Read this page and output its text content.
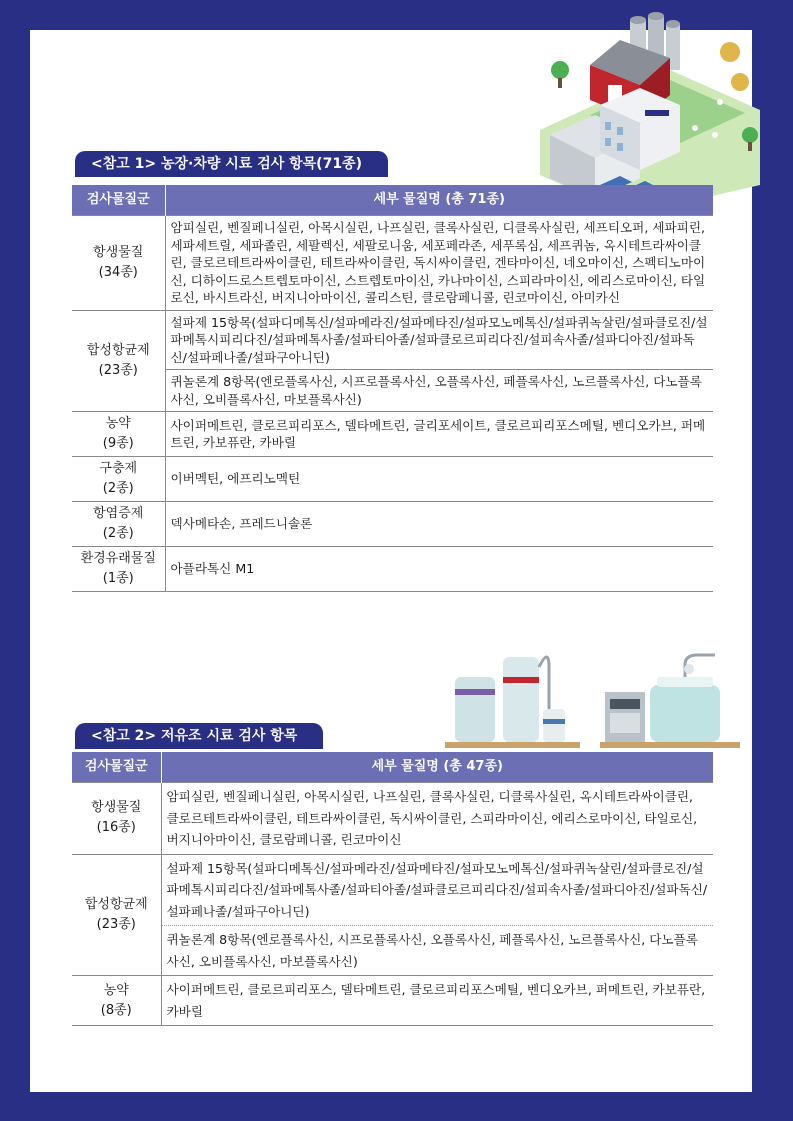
<참고 1> 농장·차량 시료 검사 항목(71종)
검사물질군	세부 물질명 (총 71종)
항생물질
(34종)	암피실린, 벤질페니실린, 아목시실린, 나프실린, 클록사실린, 디클록사실린, 세프티오퍼, 세파피린, 세파세트릴, 세파졸린, 세팔렉신, 세팔로니움, 세포페라존, 세푸록심, 세프퀴놈, 옥시테트라싸이클린, 클로르테트라싸이클린, 테트라싸이클린, 독시싸이클린, 겐타마이신, 네오마이신, 스펙티노마이신, 디하이드로스트렙토마이신, 스트렙토마이신, 카나마이신, 스피라마이신, 에리스로마이신, 타일로신, 바시트라신, 버지니아마이신, 콜리스틴, 클로람페니콜, 린코마이신, 아미카신
합성항균제
(23종)	설파제 15항목(설파디메톡신/설파메라진/설파메타진/설파모노메톡신/설파퀴녹살린/설파클로진/설파메톡시피리다진/설파메톡사졸/설파티아졸/설파클로르피리다진/설피속사졸/설파디아진/설파독신/설파페나졸/설파구아니딘)
	퀴놀론계 8항목(엔로플록사신, 시프로플록사신, 오플록사신, 페플록사신, 노르플록사신, 다노플록사신, 오비플록사신, 마보플록사신)
농약
(9종)	사이퍼메트린, 클로르피리포스, 델타메트린, 글리포세이트, 클로르피리포스메틸, 벤디오카브, 퍼메트린, 카보퓨란, 카바릴
구충제
(2종)	이버멕틴, 에프리노멕틴
항염증제
(2종)	덱사메타손, 프레드니솔론
환경유래물질
(1종)	아플라톡신 M1
<참고 2> 저유조 시료 검사 항목
검사물질군	세부 물질명 (총 47종)
항생물질
(16종)	암피실린, 벤질페니실린, 아목시실린, 나프실린, 클록사실린, 디클록사실린, 옥시테트라싸이클린, 클로르테트라싸이클린, 테트라싸이클린, 독시싸이클린, 스피라마이신, 에리스로마이신, 타일로신, 버지니아마이신, 클로람페니콜, 린코마이신
합성항균제
(23종)	설파제 15항목(설파디메톡신/설파메라진/설파메타진/설파모노메톡신/설파퀴녹살린/설파클로진/설파메톡시피리다진/설파메톡사졸/설파티아졸/설파클로르피리다진/설피속사졸/설파디아진/설파독신/설파페나졸/설파구아니딘)
	퀴놀론계 8항목(엔로플록사신, 시프로플록사신, 오플록사신, 페플록사신, 노르플록사신, 다노플록사신, 오비플록사신, 마보플록사신)
농약
(8종)	사이퍼메트린, 클로르피리포스, 델타메트린, 클로르피리포스메틸, 벤디오카브, 퍼메트린, 카보퓨란, 카바릴
